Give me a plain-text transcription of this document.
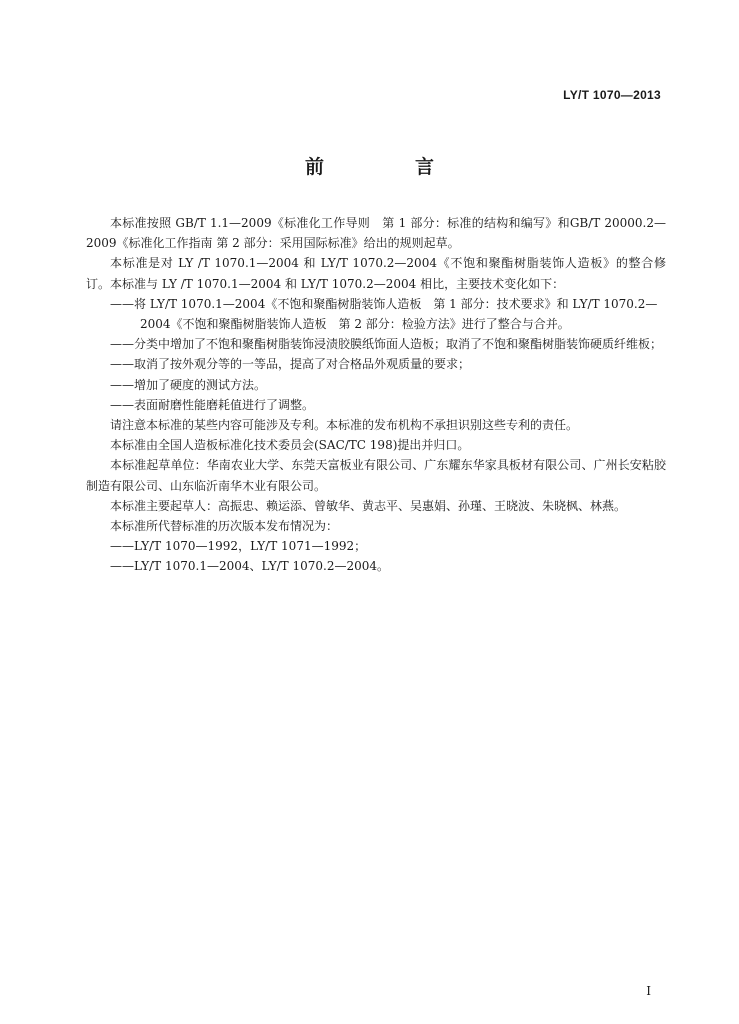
LY/T 1070—2013
前　言

本标准按照 GB/T 1.1—2009《标准化工作导则　第 1 部分：标准的结构和编写》和GB/T 20000.2—2009《标准化工作指南 第 2 部分：采用国际标准》给出的规则起草。

本标准是对 LY /T 1070.1—2004 和 LY/T 1070.2—2004《不饱和聚酯树脂装饰人造板》的整合修订。本标准与 LY /T 1070.1—2004 和 LY/T 1070.2—2004 相比，主要技术变化如下：

——将 LY/T 1070.1—2004《不饱和聚酯树脂装饰人造板　第 1 部分：技术要求》和 LY/T 1070.2—2004《不饱和聚酯树脂装饰人造板　第 2 部分：检验方法》进行了整合与合并。

——分类中增加了不饱和聚酯树脂装饰浸渍胶膜纸饰面人造板；取消了不饱和聚酯树脂装饰硬质纤维板；

——取消了按外观分等的一等品，提高了对合格品外观质量的要求；

——增加了硬度的测试方法。

——表面耐磨性能磨耗值进行了调整。

请注意本标准的某些内容可能涉及专利。本标准的发布机构不承担识别这些专利的责任。

本标准由全国人造板标准化技术委员会(SAC/TC 198)提出并归口。

本标准起草单位：华南农业大学、东莞天富板业有限公司、广东耀东华家具板材有限公司、广州长安粘胶制造有限公司、山东临沂南华木业有限公司。

本标准主要起草人：高振忠、赖运添、曾敏华、黄志平、吴惠娟、孙瑾、王晓波、朱晓枫、林燕。

本标准所代替标准的历次版本发布情况为：

——LY/T 1070—1992，LY/T 1071—1992；

——LY/T 1070.1—2004、LY/T 1070.2—2004。

I
